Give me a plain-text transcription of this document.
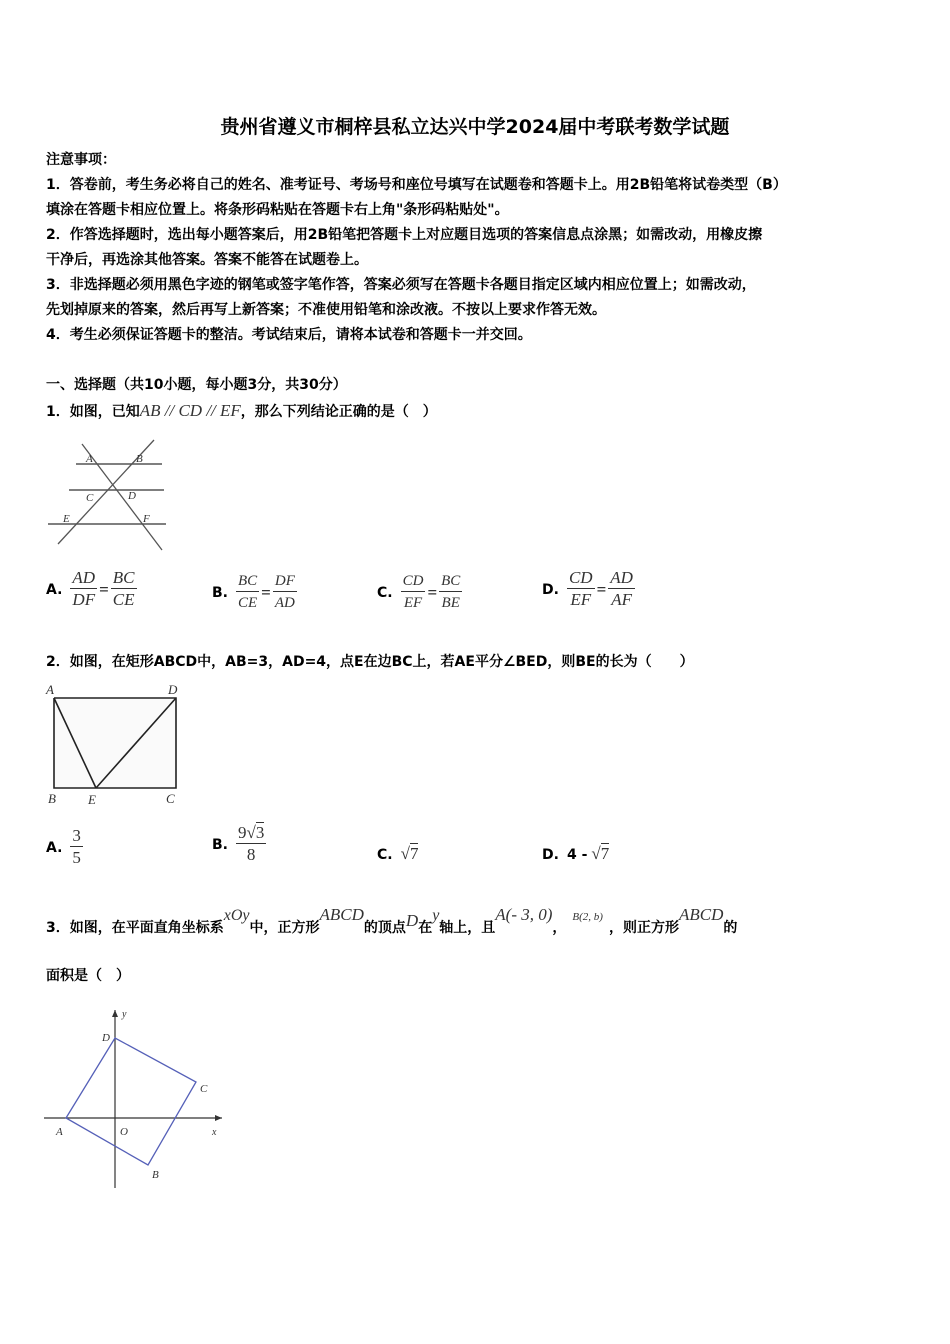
贵州省遵义市桐梓县私立达兴中学2024届中考联考数学试题
注意事项：
1．答卷前，考生务必将自己的姓名、准考证号、考场号和座位号填写在试题卷和答题卡上。用2B铅笔将试卷类型（B）
填涂在答题卡相应位置上。将条形码粘贴在答题卡右上角"条形码粘贴处"。
2．作答选择题时，选出每小题答案后，用2B铅笔把答题卡上对应题目选项的答案信息点涂黑；如需改动，用橡皮擦
干净后，再选涂其他答案。答案不能答在试题卷上。
3．非选择题必须用黑色字迹的钢笔或签字笔作答，答案必须写在答题卡各题目指定区域内相应位置上；如需改动，
先划掉原来的答案，然后再写上新答案；不准使用铅笔和涂改液。不按以上要求作答无效。
4．考生必须保证答题卡的整洁。考试结束后，请将本试卷和答题卡一并交回。
一、选择题（共10小题，每小题3分，共30分）
1．如图，已知AB // CD // EF，那么下列结论正确的是（　）
A	B
C	D
E	F
A. $\frac{AD}{DF} = \frac{BC}{CE}$	B. $\frac{BC}{CE} = \frac{DF}{AD}$	C. $\frac{CD}{EF} = \frac{BC}{BE}$	D. $\frac{CD}{EF} = \frac{AD}{AF}$
2．如图，在矩形ABCD中，AB=3，AD=4，点E在边BC上，若AE平分∠BED，则BE的长为（　　）
A	D
B E	C
A. $\frac{3}{5}$	B. $\frac{9√3}{8}$	C. √7	D. 4 - √7
3．如图，在平面直角坐标系xOy中，正方形ABCD的顶点D在y轴上，且A(- 3, 0)，$^{B(2, b)}$，则正方形ABCD的
面积是（　）
A
D
C
B
O	x
y
